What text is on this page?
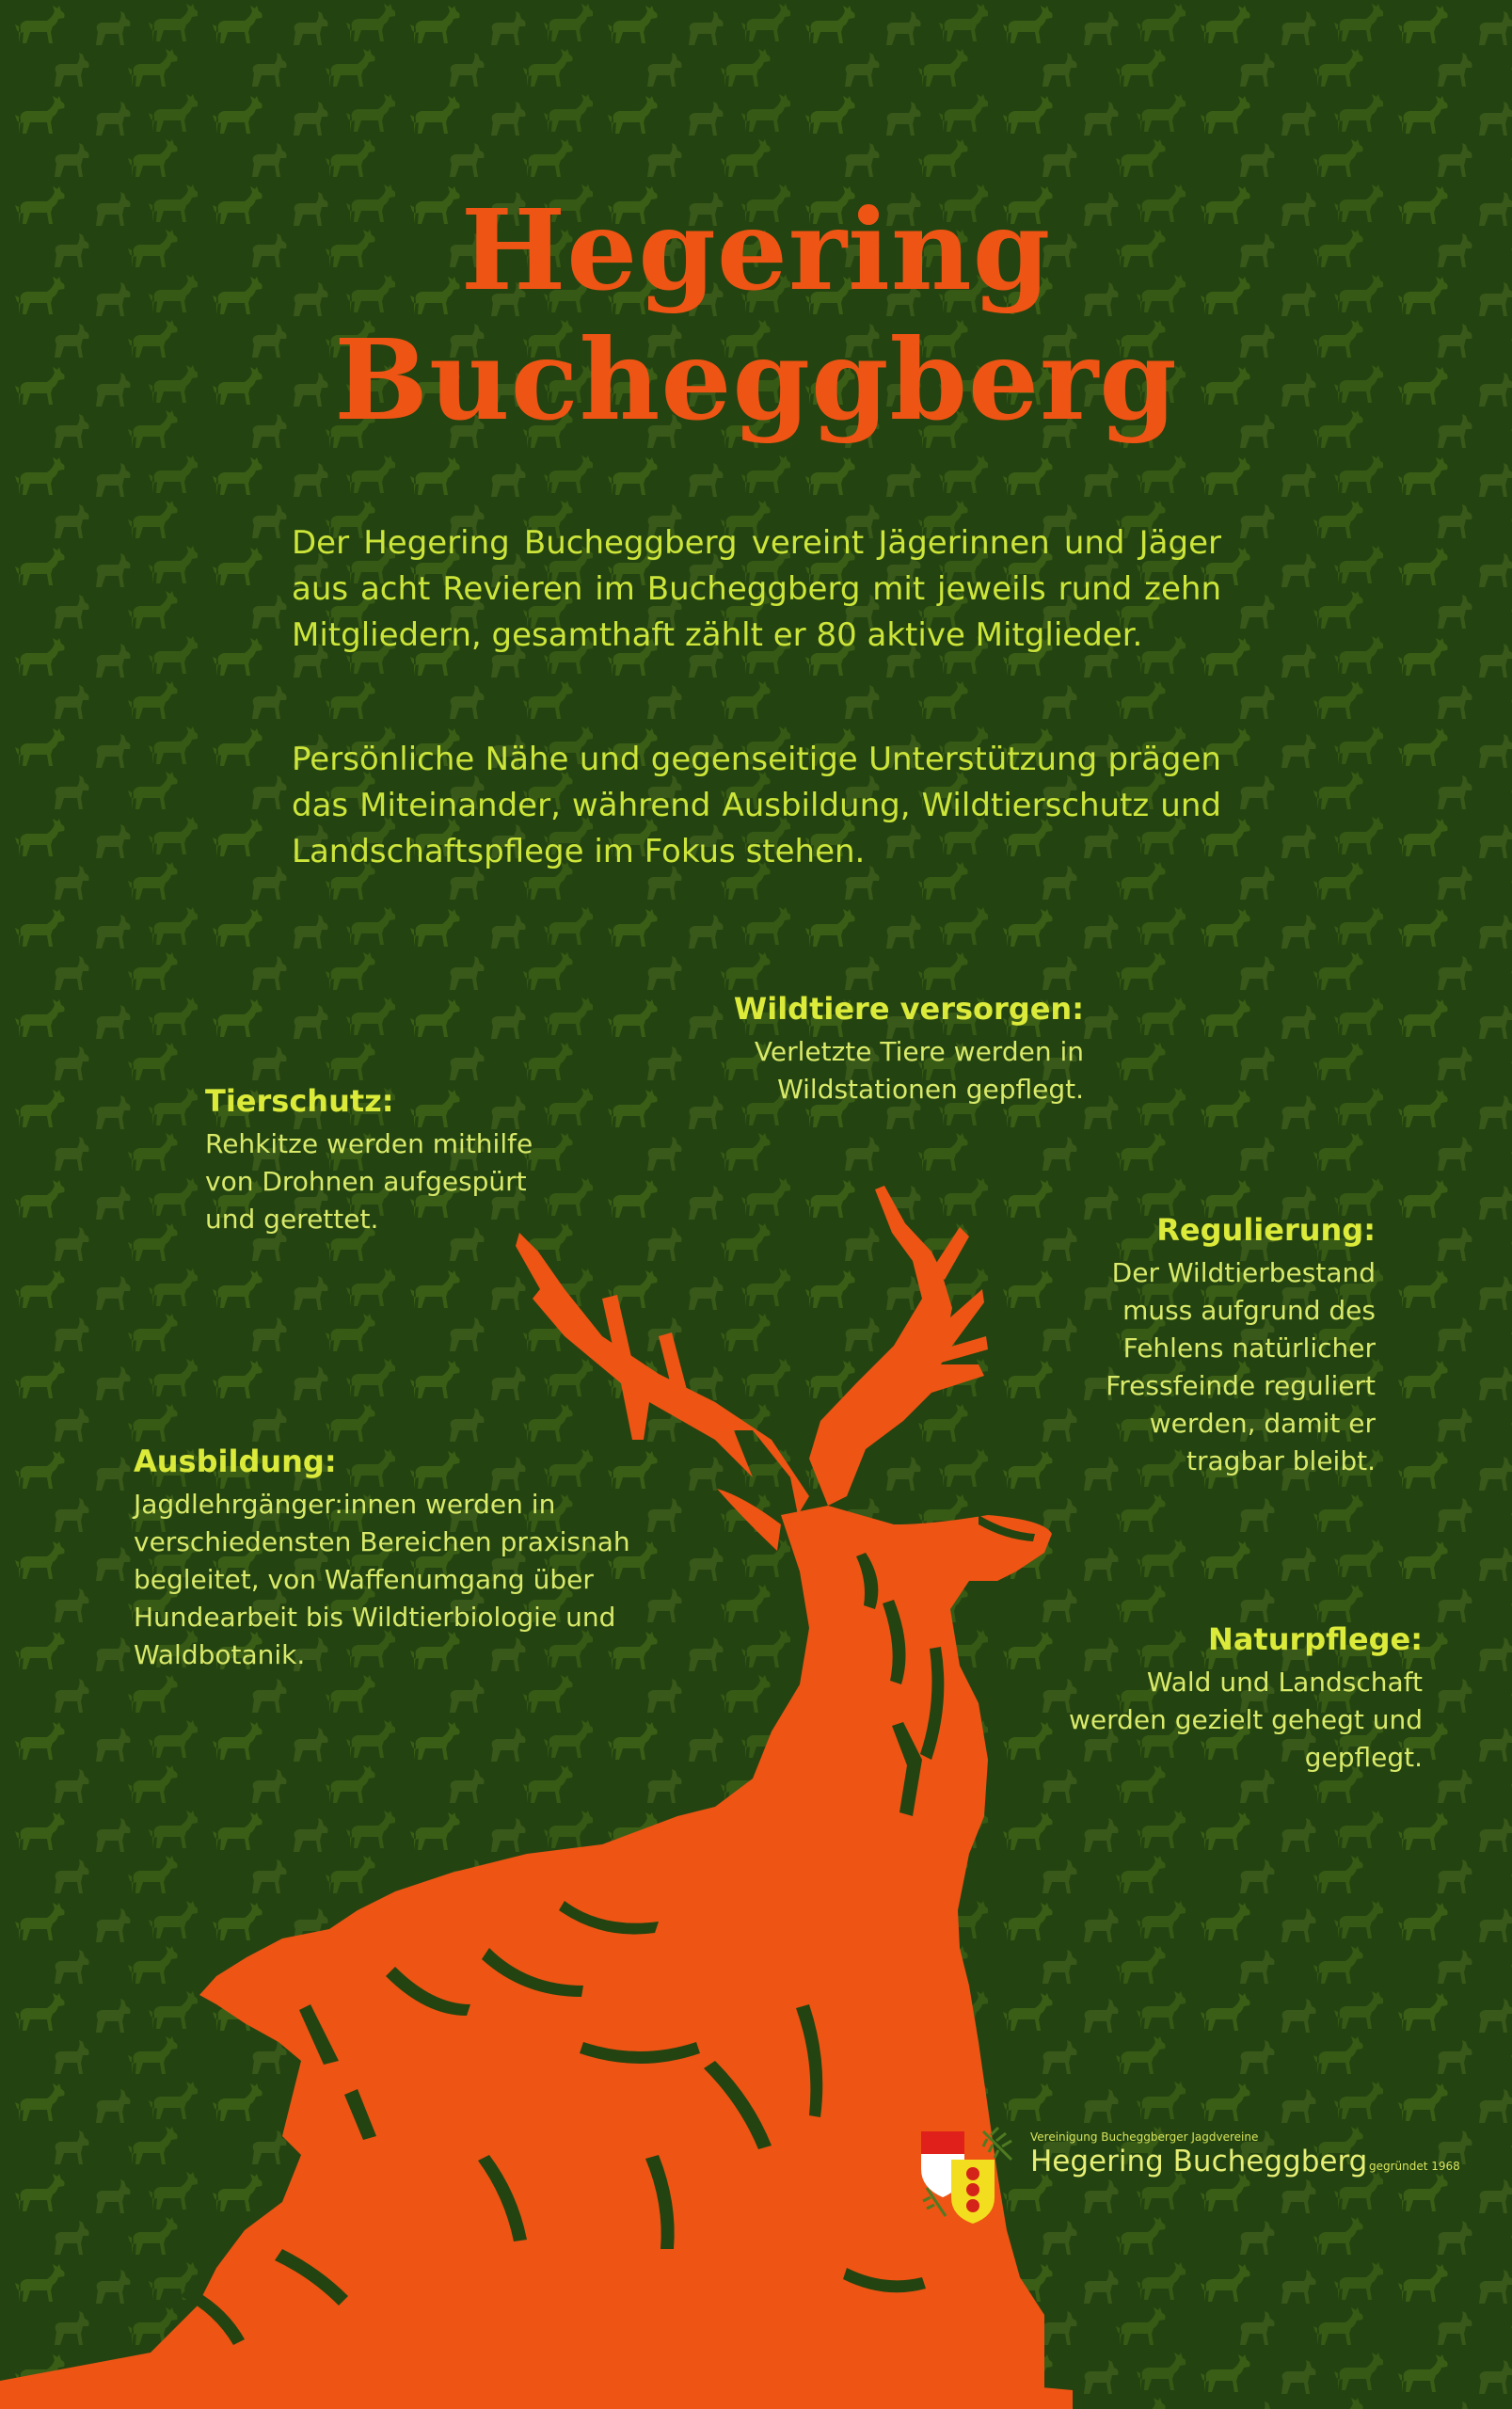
Hegering
Bucheggberg

Der Hegering Bucheggberg vereint Jägerinnen und Jäger aus acht Revieren im Bucheggberg mit jeweils rund zehn Mitgliedern, gesamthaft zählt er 80 aktive Mitglieder.

Persönliche Nähe und gegenseitige Unterstützung prägen das Miteinander, während Ausbildung, Wildtierschutz und Landschaftspflege im Fokus stehen.

Wildtiere versorgen:

Verletzte Tiere werden in Wildstationen gepflegt.

Tierschutz:

Rehkitze werden mithilfe von Drohnen aufgespürt und gerettet.	Regulierung:

Der Wildtierbestand muss aufgrund des Fehlens natürlicher Fressfeinde reguliert werden, damit er tragbar bleibt.

Ausbildung:

Jagdlehrgänger:innen werden in verschiedensten Bereichen praxisnah begleitet, von Waffenumgang über Hundearbeit bis Wildtierbiologie und Waldbotanik.	Naturpflege:

Wald und Landschaft werden gezielt gehegt und gepflegt.

Vereinigung Bucheggberger Jagdvereine
Hegering Bucheggberg gegründet 1968
